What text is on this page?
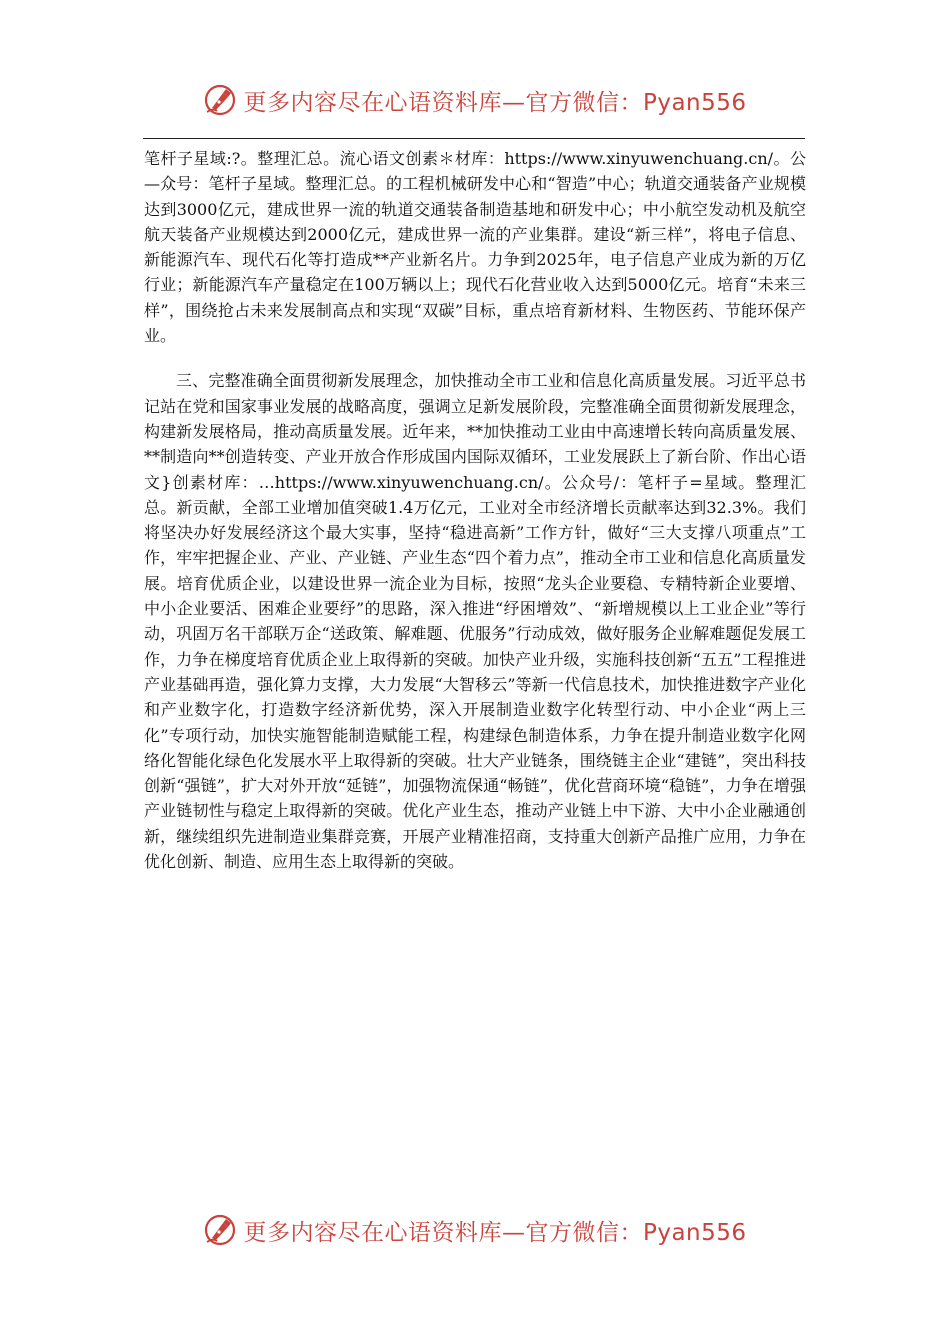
更多内容尽在心语资料库—官方微信：Pyan556

笔杆子星域:?。整理汇总。流心语文创素＊材库：https://www.xinyuwenchuang.cn/。公—众号：笔杆子星域。整理汇总。的工程机械研发中心和“智造”中心；轨道交通装备产业规模达到3000亿元，建成世界一流的轨道交通装备制造基地和研发中心；中小航空发动机及航空航天装备产业规模达到2000亿元，建成世界一流的产业集群。建设“新三样”，将电子信息、新能源汽车、现代石化等打造成**产业新名片。力争到2025年，电子信息产业成为新的万亿行业；新能源汽车产量稳定在100万辆以上；现代石化营业收入达到5000亿元。培育“未来三样”，围绕抢占未来发展制高点和实现“双碳”目标，重点培育新材料、生物医药、节能环保产业。

三、完整准确全面贯彻新发展理念，加快推动全市工业和信息化高质量发展。习近平总书记站在党和国家事业发展的战略高度，强调立足新发展阶段，完整准确全面贯彻新发展理念，构建新发展格局，推动高质量发展。近年来，**加快推动工业由中高速增长转向高质量发展、**制造向**创造转变、产业开放合作形成国内国际双循环，工业发展跃上了新台阶、作出心语文}创素材库：…https://www.xinyuwenchuang.cn/。公众号/：笔杆子=星域。整理汇总。新贡献，全部工业增加值突破1.4万亿元，工业对全市经济增长贡献率达到32.3%。我们将坚决办好发展经济这个最大实事，坚持“稳进高新”工作方针，做好“三大支撑八项重点”工作，牢牢把握企业、产业、产业链、产业生态“四个着力点”，推动全市工业和信息化高质量发展。培育优质企业，以建设世界一流企业为目标，按照“龙头企业要稳、专精特新企业要增、中小企业要活、困难企业要纾”的思路，深入推进“纾困增效”、“新增规模以上工业企业”等行动，巩固万名干部联万企“送政策、解难题、优服务”行动成效，做好服务企业解难题促发展工作，力争在梯度培育优质企业上取得新的突破。加快产业升级，实施科技创新“五五”工程推进产业基础再造，强化算力支撑，大力发展“大智移云”等新一代信息技术，加快推进数字产业化和产业数字化，打造数字经济新优势，深入开展制造业数字化转型行动、中小企业“两上三化”专项行动，加快实施智能制造赋能工程，构建绿色制造体系，力争在提升制造业数字化网络化智能化绿色化发展水平上取得新的突破。壮大产业链条，围绕链主企业“建链”，突出科技创新“强链”，扩大对外开放“延链”，加强物流保通“畅链”，优化营商环境“稳链”，力争在增强产业链韧性与稳定上取得新的突破。优化产业生态，推动产业链上中下游、大中小企业融通创新，继续组织先进制造业集群竞赛，开展产业精准招商，支持重大创新产品推广应用，力争在优化创新、制造、应用生态上取得新的突破。

更多内容尽在心语资料库—官方微信：Pyan556
